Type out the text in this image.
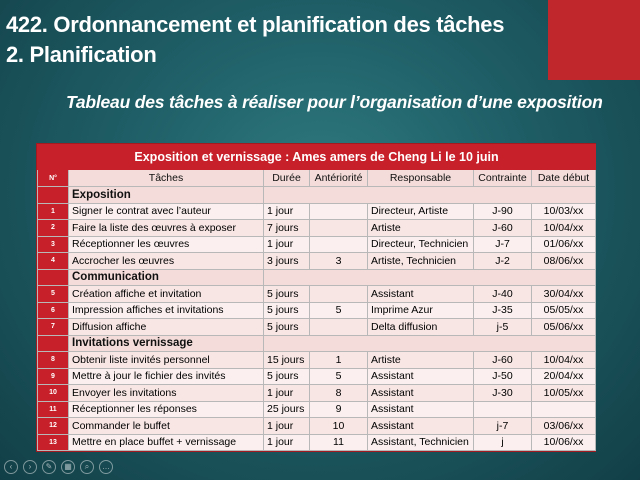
422. Ordonnancement et planification des tâches
2. Planification
Tableau des tâches à réaliser pour l’organisation d’une exposition
Exposition et vernissage : Ames amers de Cheng Li le 10 juin						
N°	Tâches	Durée	Antériorité	Responsable	Contrainte	Date début
	Exposition					
1	Signer le contrat avec l’auteur	1 jour		Directeur, Artiste	J-90	10/03/xx
2	Faire la liste des œuvres à exposer	7 jours		Artiste	J-60	10/04/xx
3	Réceptionner les œuvres	1 jour		Directeur, Technicien	J-7	01/06/xx
4	Accrocher les œuvres	3 jours	3	Artiste, Technicien	J-2	08/06/xx
	Communication					
5	Création affiche et invitation	5 jours		Assistant	J-40	30/04/xx
6	Impression affiches et invitations	5 jours	5	Imprime Azur	J-35	05/05/xx
7	Diffusion affiche	5 jours		Delta diffusion	j-5	05/06/xx
	Invitations vernissage					
8	Obtenir liste invités personnel	15 jours	1	Artiste	J-60	10/04/xx
9	Mettre à jour le fichier des invités	5 jours	5	Assistant	J-50	20/04/xx
10	Envoyer les invitations	1 jour	8	Assistant	J-30	10/05/xx
11	Réceptionner les réponses	25 jours	9	Assistant		
12	Commander le buffet	1 jour	10	Assistant	j-7	03/06/xx
13	Mettre en place buffet + vernissage	1 jour	11	Assistant, Technicien	j	10/06/xx
‹	›	✎	▦	⌕	…
